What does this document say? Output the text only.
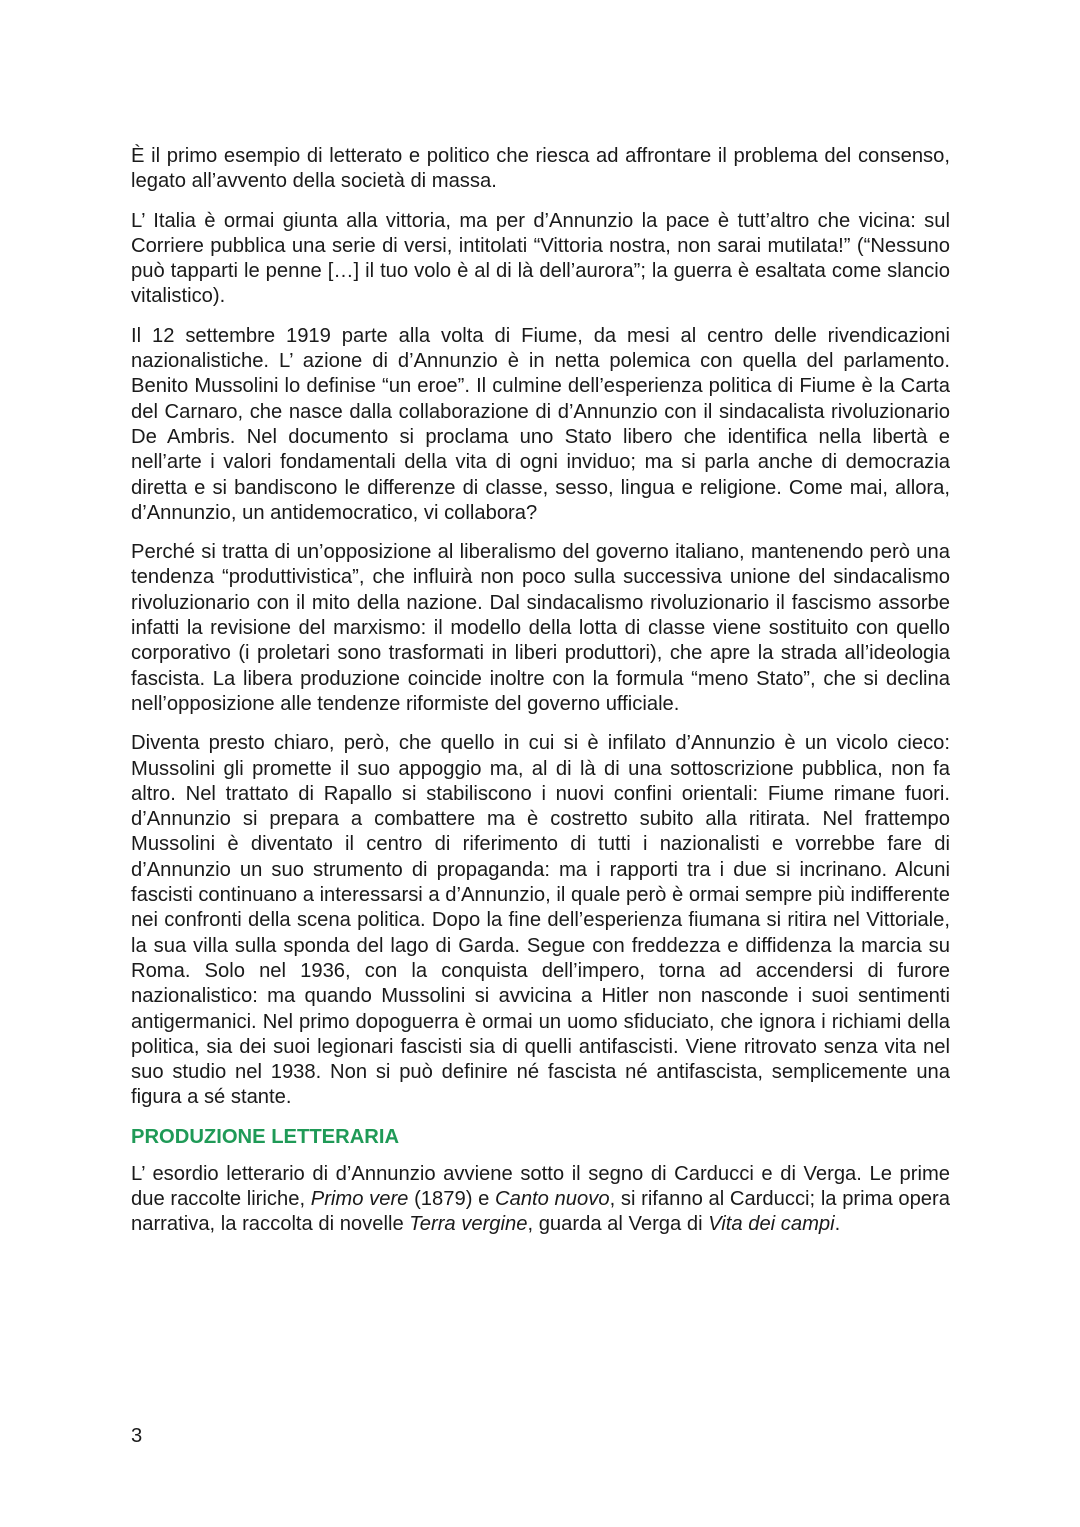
È il primo esempio di letterato e politico che riesca ad affrontare il problema del consenso, legato all’avvento della società di massa.

L’ Italia è ormai giunta alla vittoria, ma per d’Annunzio la pace è tutt’altro che vicina: sul Corriere pubblica una serie di versi, intitolati “Vittoria nostra, non sarai mutilata!” (“Nessuno può tapparti le penne […] il tuo volo è al di là dell’aurora”; la guerra è esaltata come slancio vitalistico).

Il 12 settembre 1919 parte alla volta di Fiume, da mesi al centro delle rivendicazioni nazionalistiche. L’ azione di d’Annunzio è in netta polemica con quella del parlamento. Benito Mussolini lo definise “un eroe”. Il culmine dell’esperienza politica di Fiume è la Carta del Carnaro, che nasce dalla collaborazione di d’Annunzio con il sindacalista rivoluzionario De Ambris. Nel documento si proclama uno Stato libero che identifica nella libertà e nell’arte i valori fondamentali della vita di ogni inviduo; ma si parla anche di democrazia diretta e si bandiscono le differenze di classe, sesso, lingua e religione. Come mai, allora, d’Annunzio, un antidemocratico, vi collabora?

Perché si tratta di un’opposizione al liberalismo del governo italiano, mantenendo però una tendenza “produttivistica”, che influirà non poco sulla successiva unione del sindacalismo rivoluzionario con il mito della nazione. Dal sindacalismo rivoluzionario il fascismo assorbe infatti la revisione del marxismo: il modello della lotta di classe viene sostituito con quello corporativo (i proletari sono trasformati in liberi produttori), che apre la strada all’ideologia fascista. La libera produzione coincide inoltre con la formula “meno Stato”, che si declina nell’opposizione alle tendenze riformiste del governo ufficiale.

Diventa presto chiaro, però, che quello in cui si è infilato d’Annunzio è un vicolo cieco: Mussolini gli promette il suo appoggio ma, al di là di una sottoscrizione pubblica, non fa altro. Nel trattato di Rapallo si stabiliscono i nuovi confini orientali: Fiume rimane fuori. d’Annunzio si prepara a combattere ma è costretto subito alla ritirata. Nel frattempo Mussolini è diventato il centro di riferimento di tutti i nazionalisti e vorrebbe fare di d’Annunzio un suo strumento di propaganda: ma i rapporti tra i due si incrinano. Alcuni fascisti continuano a interessarsi a d’Annunzio, il quale però è ormai sempre più indifferente nei confronti della scena politica. Dopo la fine dell’esperienza fiumana si ritira nel Vittoriale, la sua villa sulla sponda del lago di Garda. Segue con freddezza e diffidenza la marcia su Roma. Solo nel 1936, con la conquista dell’impero, torna ad accendersi di furore nazionalistico: ma quando Mussolini si avvicina a Hitler non nasconde i suoi sentimenti antigermanici. Nel primo dopoguerra è ormai un uomo sfiduciato, che ignora i richiami della politica, sia dei suoi legionari fascisti sia di quelli antifascisti. Viene ritrovato senza vita nel suo studio nel 1938. Non si può definire né fascista né antifascista, semplicemente una figura a sé stante.

PRODUZIONE LETTERARIA

L’ esordio letterario di d’Annunzio avviene sotto il segno di Carducci e di Verga. Le prime due raccolte liriche, Primo vere (1879) e Canto nuovo, si rifanno al Carducci; la prima opera narrativa, la raccolta di novelle Terra vergine, guarda al Verga di Vita dei campi.

3
